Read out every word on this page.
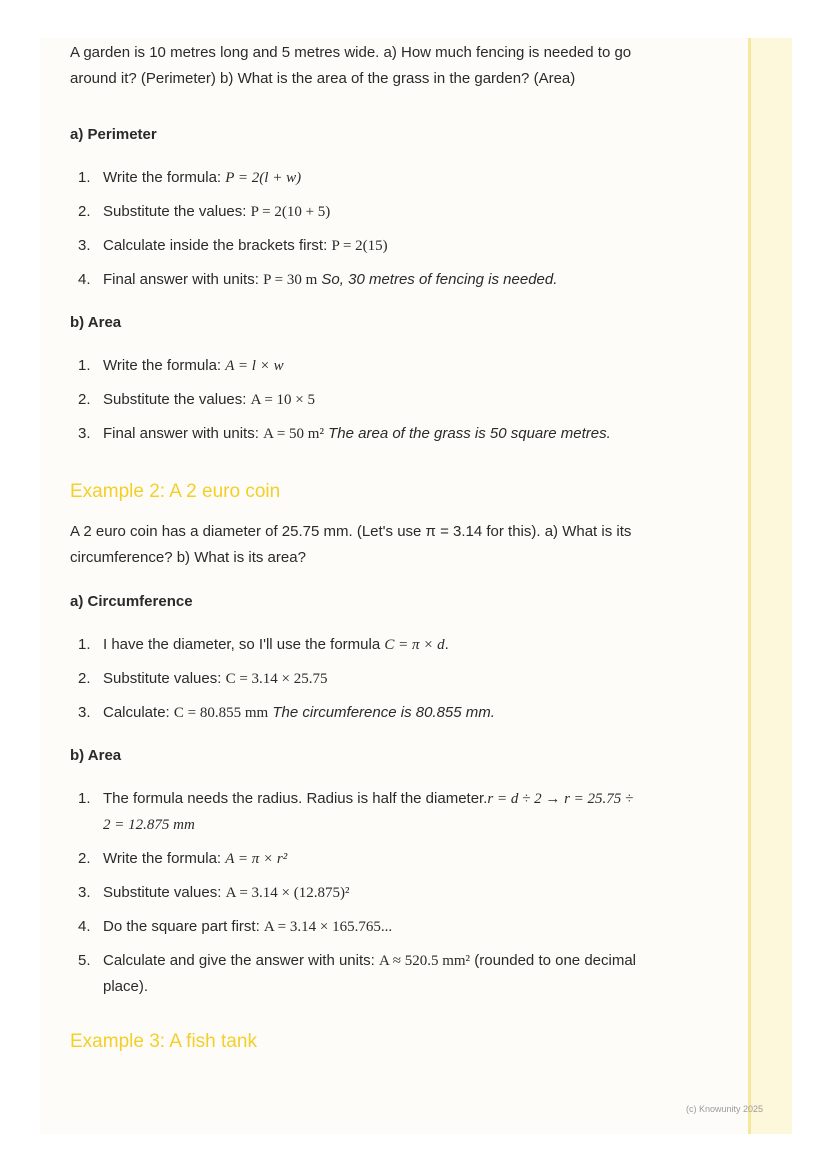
A garden is 10 metres long and 5 metres wide. a) How much fencing is needed to go around it? (Perimeter) b) What is the area of the grass in the garden? (Area)

a) Perimeter

1. Write the formula: P = 2(l + w)
2. Substitute the values: P = 2(10 + 5)
3. Calculate inside the brackets first: P = 2(15)
4. Final answer with units: P = 30 m So, 30 metres of fencing is needed.

b) Area

1. Write the formula: A = l × w
2. Substitute the values: A = 10 × 5
3. Final answer with units: A = 50 m² The area of the grass is 50 square metres.

Example 2: A 2 euro coin

A 2 euro coin has a diameter of 25.75 mm. (Let's use π = 3.14 for this). a) What is its circumference? b) What is its area?

a) Circumference

1. I have the diameter, so I'll use the formula C = π × d.
2. Substitute values: C = 3.14 × 25.75
3. Calculate: C = 80.855 mm The circumference is 80.855 mm.

b) Area

1. The formula needs the radius. Radius is half the diameter.r = d ÷ 2 → r = 25.75 ÷ 2 = 12.875 mm
2. Write the formula: A = π × r²
3. Substitute values: A = 3.14 × (12.875)²
4. Do the square part first: A = 3.14 × 165.765...
5. Calculate and give the answer with units: A ≈ 520.5 mm² (rounded to one decimal place).

Example 3: A fish tank

(c) Knowunity 2025
